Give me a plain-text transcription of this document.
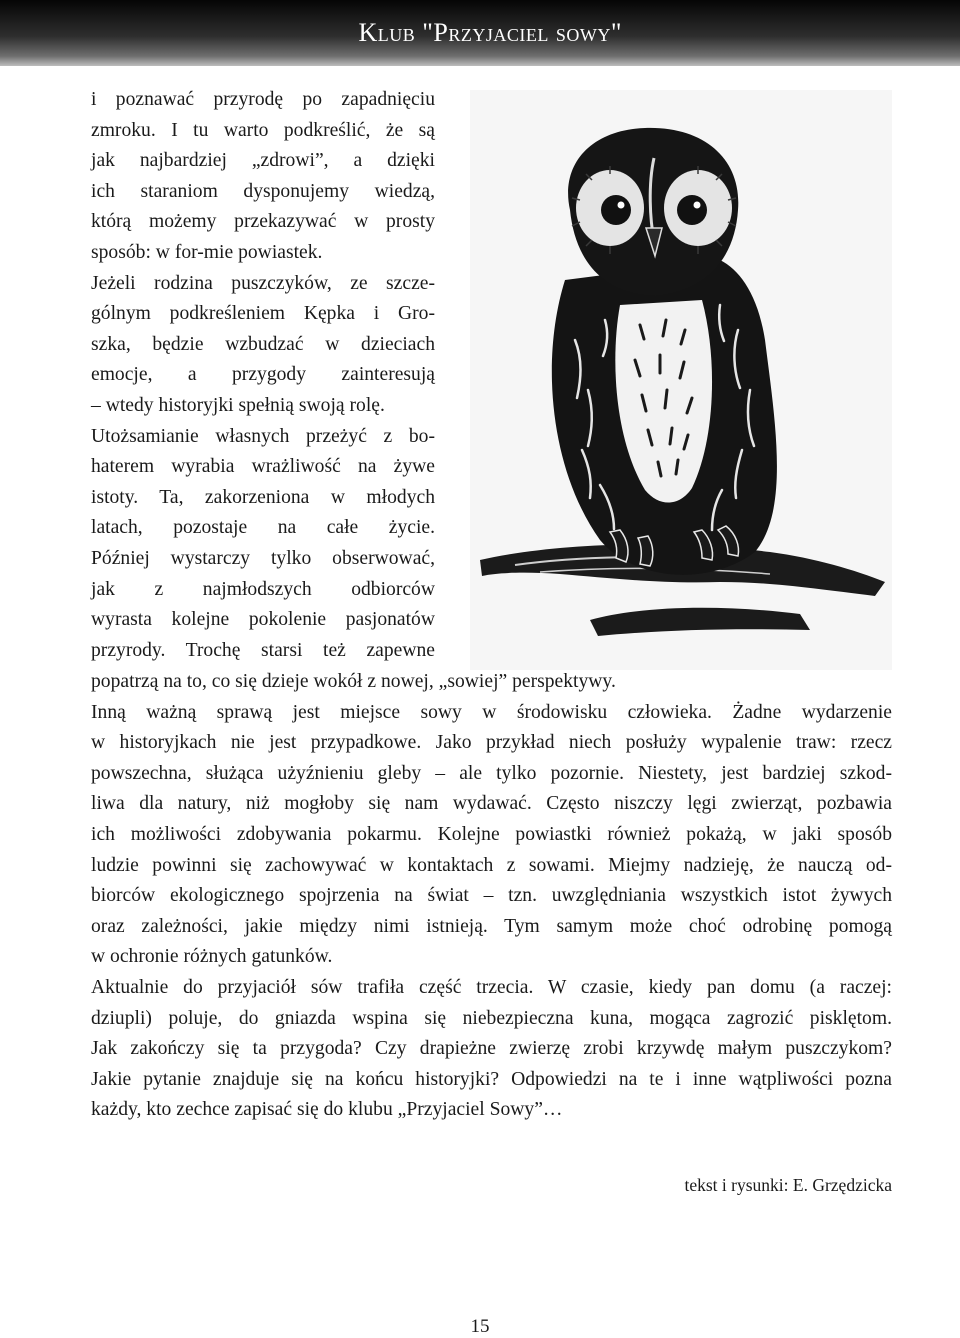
Klub "Przyjaciel sowy"
i poznawać przyrodę po zapadnięciu
zmroku. I tu warto podkreślić, że są
jak najbardziej „zdrowi”, a dzięki
ich staraniom dysponujemy wiedzą,
którą możemy przekazywać w prosty
sposób: w for-mie powiastek.
Jeżeli rodzina puszczyków, ze szcze-
gólnym podkreśleniem Kępka i Gro-
szka, będzie wzbudzać w dzieciach
emocje, a przygody zainteresują
– wtedy historyjki spełnią swoją rolę.
Utożsamianie własnych przeżyć z bo-
haterem wyrabia wrażliwość na żywe
istoty. Ta, zakorzeniona w młodych
latach, pozostaje na całe życie.
Później wystarczy tylko obserwować,
jak z najmłodszych odbiorców
wyrasta kolejne pokolenie pasjonatów
przyrody. Trochę starsi też zapewne
popatrzą na to, co się dzieje wokół z nowej, „sowiej” perspektywy.
Inną ważną sprawą jest miejsce sowy w środowisku człowieka. Żadne wydarzenie
w historyjkach nie jest przypadkowe. Jako przykład niech posłuży wypalenie traw: rzecz
powszechna, służąca użyźnieniu gleby – ale tylko pozornie. Niestety, jest bardziej szkod-
liwa dla natury, niż mogłoby się nam wydawać. Często niszczy lęgi zwierząt, pozbawia
ich możliwości zdobywania pokarmu. Kolejne powiastki również pokażą, w jaki sposób
ludzie powinni się zachowywać w kontaktach z sowami. Miejmy nadzieję, że nauczą od-
biorców ekologicznego spojrzenia na świat – tzn. uwzględniania wszystkich istot żywych
oraz zależności, jakie między nimi istnieją. Tym samym może choć odrobinę pomogą
w ochronie różnych gatunków.
Aktualnie do przyjaciół sów trafiła część trzecia. W czasie, kiedy pan domu (a raczej:
dziupli) poluje, do gniazda wspina się niebezpieczna kuna, mogąca zagrozić pisklętom.
Jak zakończy się ta przygoda? Czy drapieżne zwierzę zrobi krzywdę małym puszczykom?
Jakie pytanie znajduje się na końcu historyjki? Odpowiedzi na te i inne wątpliwości pozna
każdy, kto zechce zapisać się do klubu „Przyjaciel Sowy”…
tekst i rysunki: E. Grzędzicka
15
